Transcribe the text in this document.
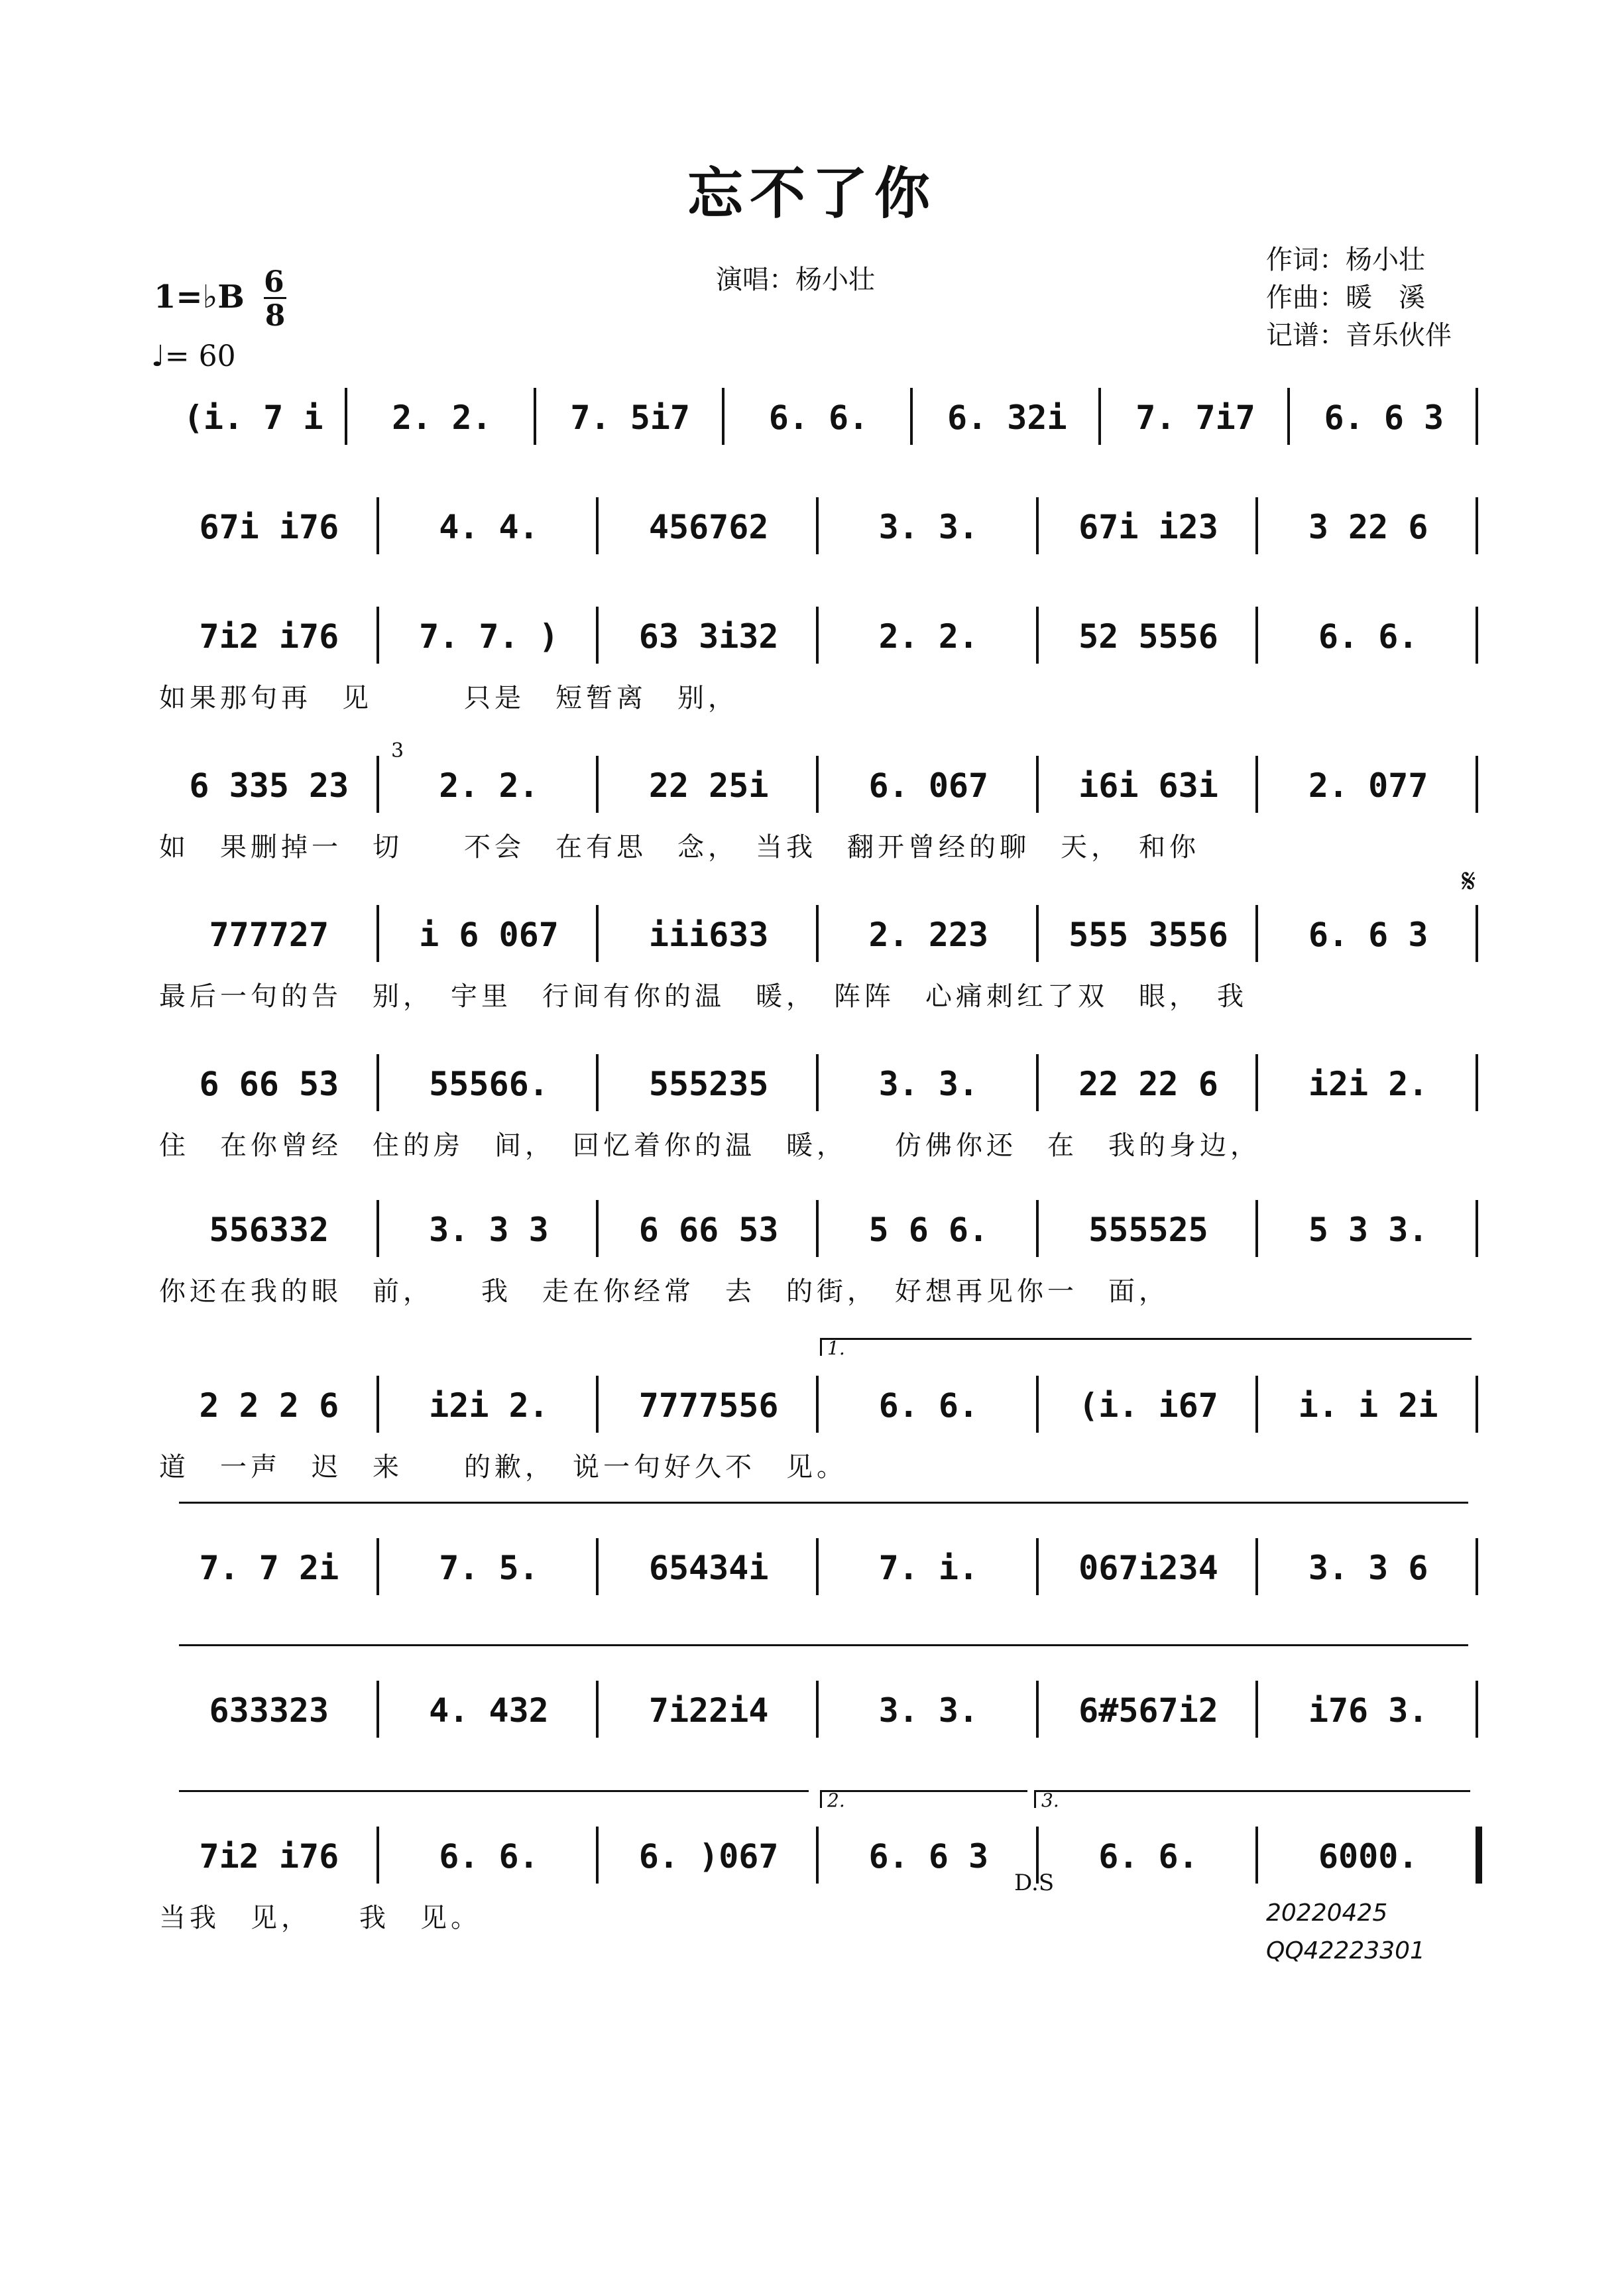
忘不了你
演唱：杨小壮
作词：杨小壮
作曲：暖　溪
记谱：音乐伙伴
1=♭B 6
8
♩= 60
(i. 7 i	2. 2.	7. 5i7	6. 6.	6. 32i	7. 7i7	6. 6 3
67i i76	4. 4.	456762	3. 3.	67i i23	3 22 6
7i2 i76	7. 7. )	63 3i32	2. 2.	52 5556	6. 6.
如果那句再　见　　　只是　短暂离　别，
6 335 23	2. 2.	22 25i	6. 067	i6i 63i	2. 077
如　果删掉一　切　　不会　在有思　念，　当我　翻开曾经的聊　天，　和你
777727	i 6 067	iii633	2. 223	555 3556	6. 6 3
最后一句的告　别，　宇里　行间有你的温　暖，　阵阵　心痛刺红了双　眼，　我
6 66 53	55566.	555235	3. 3.	22 22 6	i2i 2.
住　在你曾经　住的房　间，　回忆着你的温　暖，　　仿佛你还　在　我的身边，
556332	3. 3 3	6 66 53	5 6 6.	555525	5 3 3.
你还在我的眼　前，　　我　走在你经常　去　的街，　好想再见你一　面，
2 2 2 6	i2i 2.	7777556	6. 6.	(i. i67	i. i 2i
道　一声　迟　来　　的歉，　说一句好久不　见。
7. 7 2i	7. 5.	65434i	7. i.	067i234	3. 3 6
633323	4. 432	7i22i4	3. 3.	6#567i2	i76 3.
7i2 i76	6. 6.	6. )067	6. 6 3	6. 6.	6000.
当我　见，　　我　见。
3
𝄋
D.S
1.
2.	3.
20220425
QQ42223301
